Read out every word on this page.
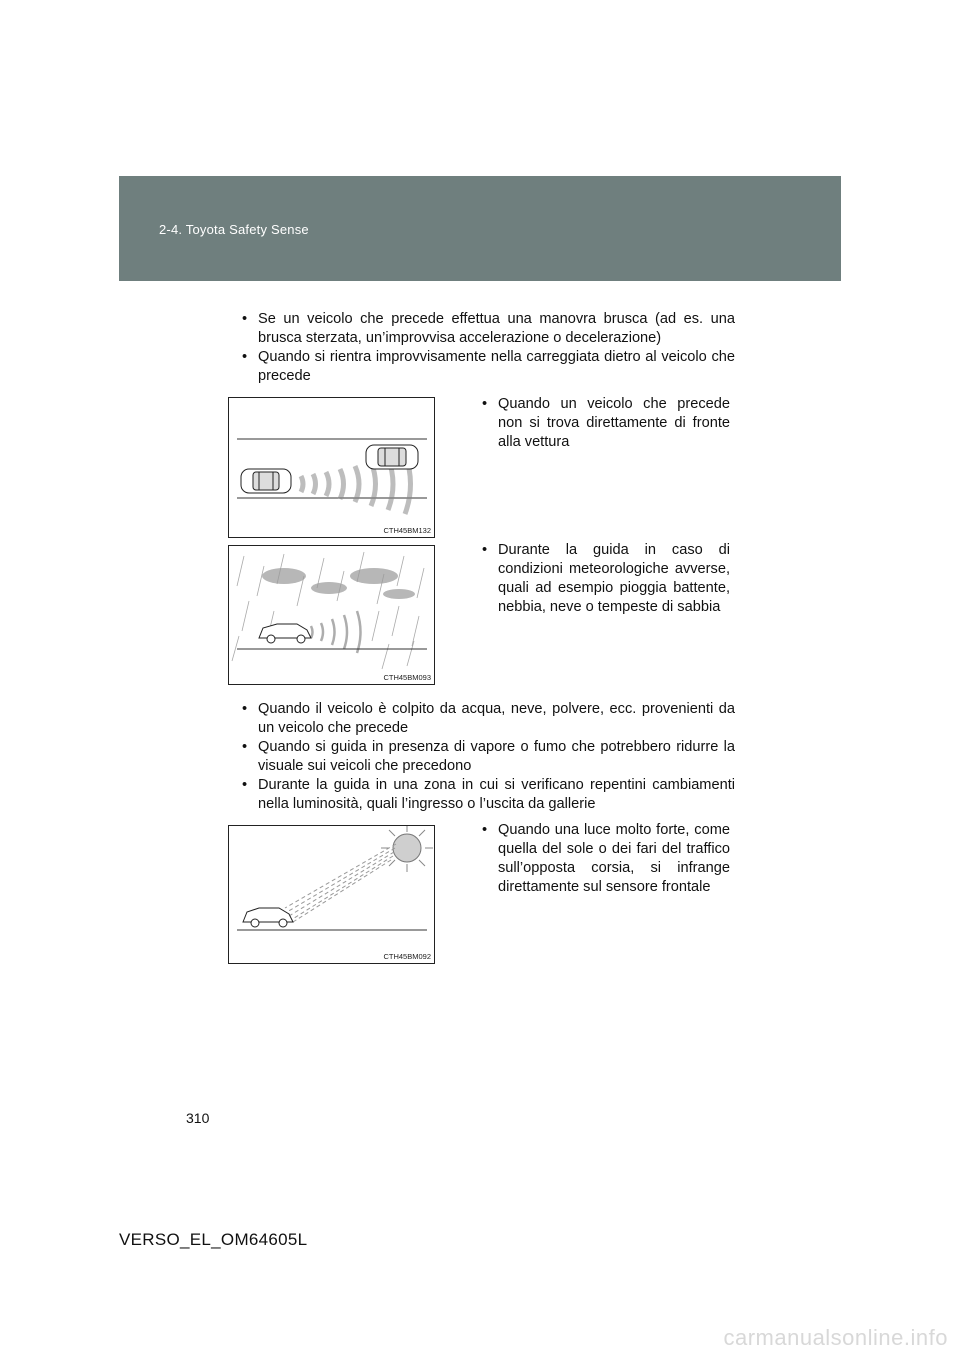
2-4. Toyota Safety Sense
• Se un veicolo che precede effettua una manovra brusca (ad es. una brusca sterzata, un’improvvisa accelerazione o decelerazione)
• Quando si rientra improvvisamente nella carreggiata dietro al veicolo che precede
CTH45BM132
• Quando un veicolo che precede non si trova direttamente di fronte alla vettura
CTH45BM093
• Durante la guida in caso di condizioni meteorologiche avverse, quali ad esempio pioggia battente, nebbia, neve o tempeste di sabbia
• Quando il veicolo è colpito da acqua, neve, polvere, ecc. provenienti da un veicolo che precede
• Quando si guida in presenza di vapore o fumo che potrebbero ridurre la visuale sui veicoli che precedono
• Durante la guida in una zona in cui si verificano repentini cambiamenti nella luminosità, quali l’ingresso o l’uscita da gallerie
CTH45BM092
• Quando una luce molto forte, come quella del sole o dei fari del traffico sull’opposta corsia, si infrange direttamente sul sensore frontale
310
VERSO_EL_OM64605L
carmanualsonline.info
